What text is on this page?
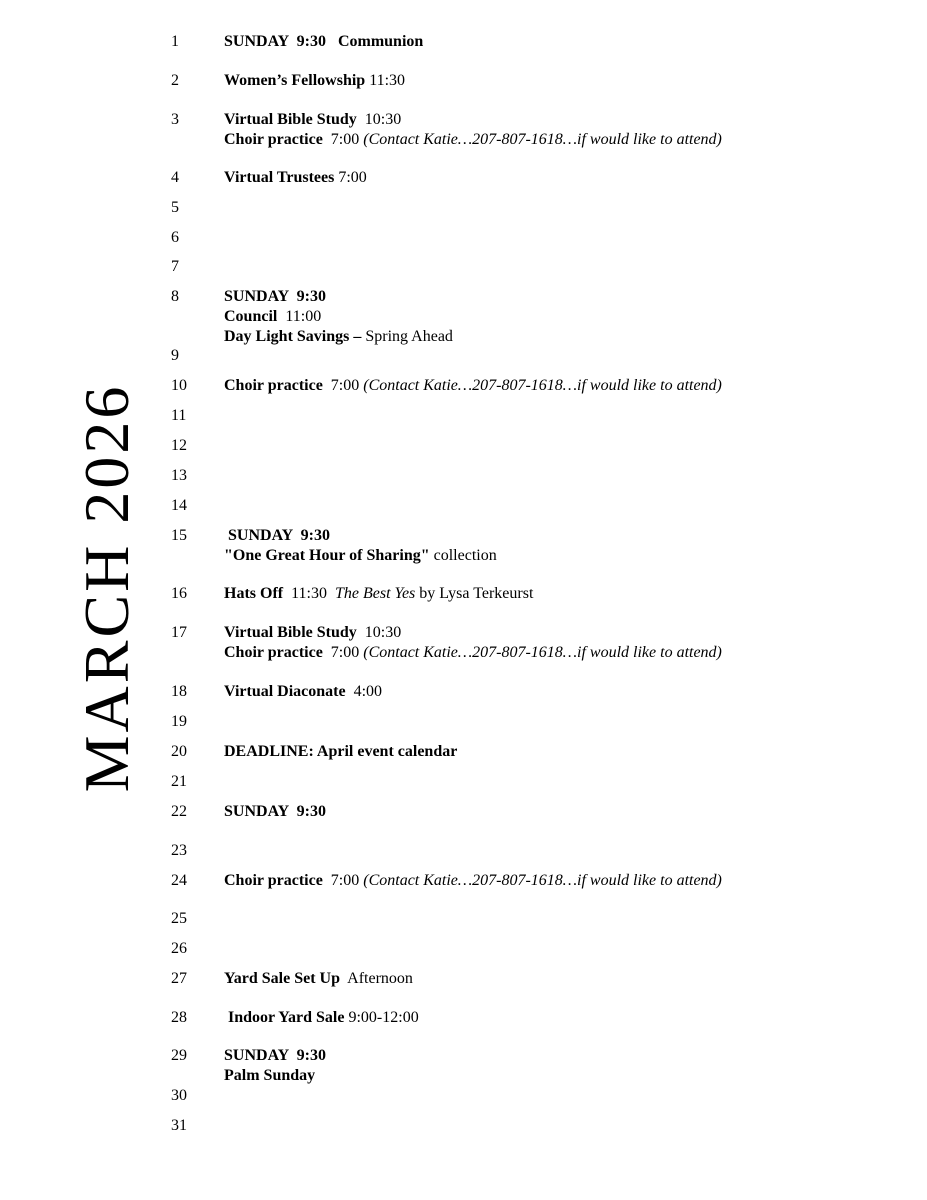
MARCH 2026
1
2
3
4
5
6
7
8
9
10
11
12
13
14
15
16
17
18
19
20
21
22
23
24
25
26
27
28
29
30
31
SUNDAY  9:30   Communion
Women’s Fellowship 11:30
Virtual Bible Study  10:30
Choir practice  7:00 (Contact Katie…207-807-1618…if would like to attend)
Virtual Trustees 7:00
SUNDAY  9:30
Council  11:00
Day Light Savings – Spring Ahead
Choir practice  7:00 (Contact Katie…207-807-1618…if would like to attend)
SUNDAY  9:30
"One Great Hour of Sharing" collection
Hats Off  11:30  The Best Yes by Lysa Terkeurst
Virtual Bible Study  10:30
Choir practice  7:00 (Contact Katie…207-807-1618…if would like to attend)
Virtual Diaconate  4:00
DEADLINE: April event calendar
SUNDAY  9:30
Choir practice  7:00 (Contact Katie…207-807-1618…if would like to attend)
Yard Sale Set Up  Afternoon
Indoor Yard Sale 9:00-12:00
SUNDAY  9:30
Palm Sunday
